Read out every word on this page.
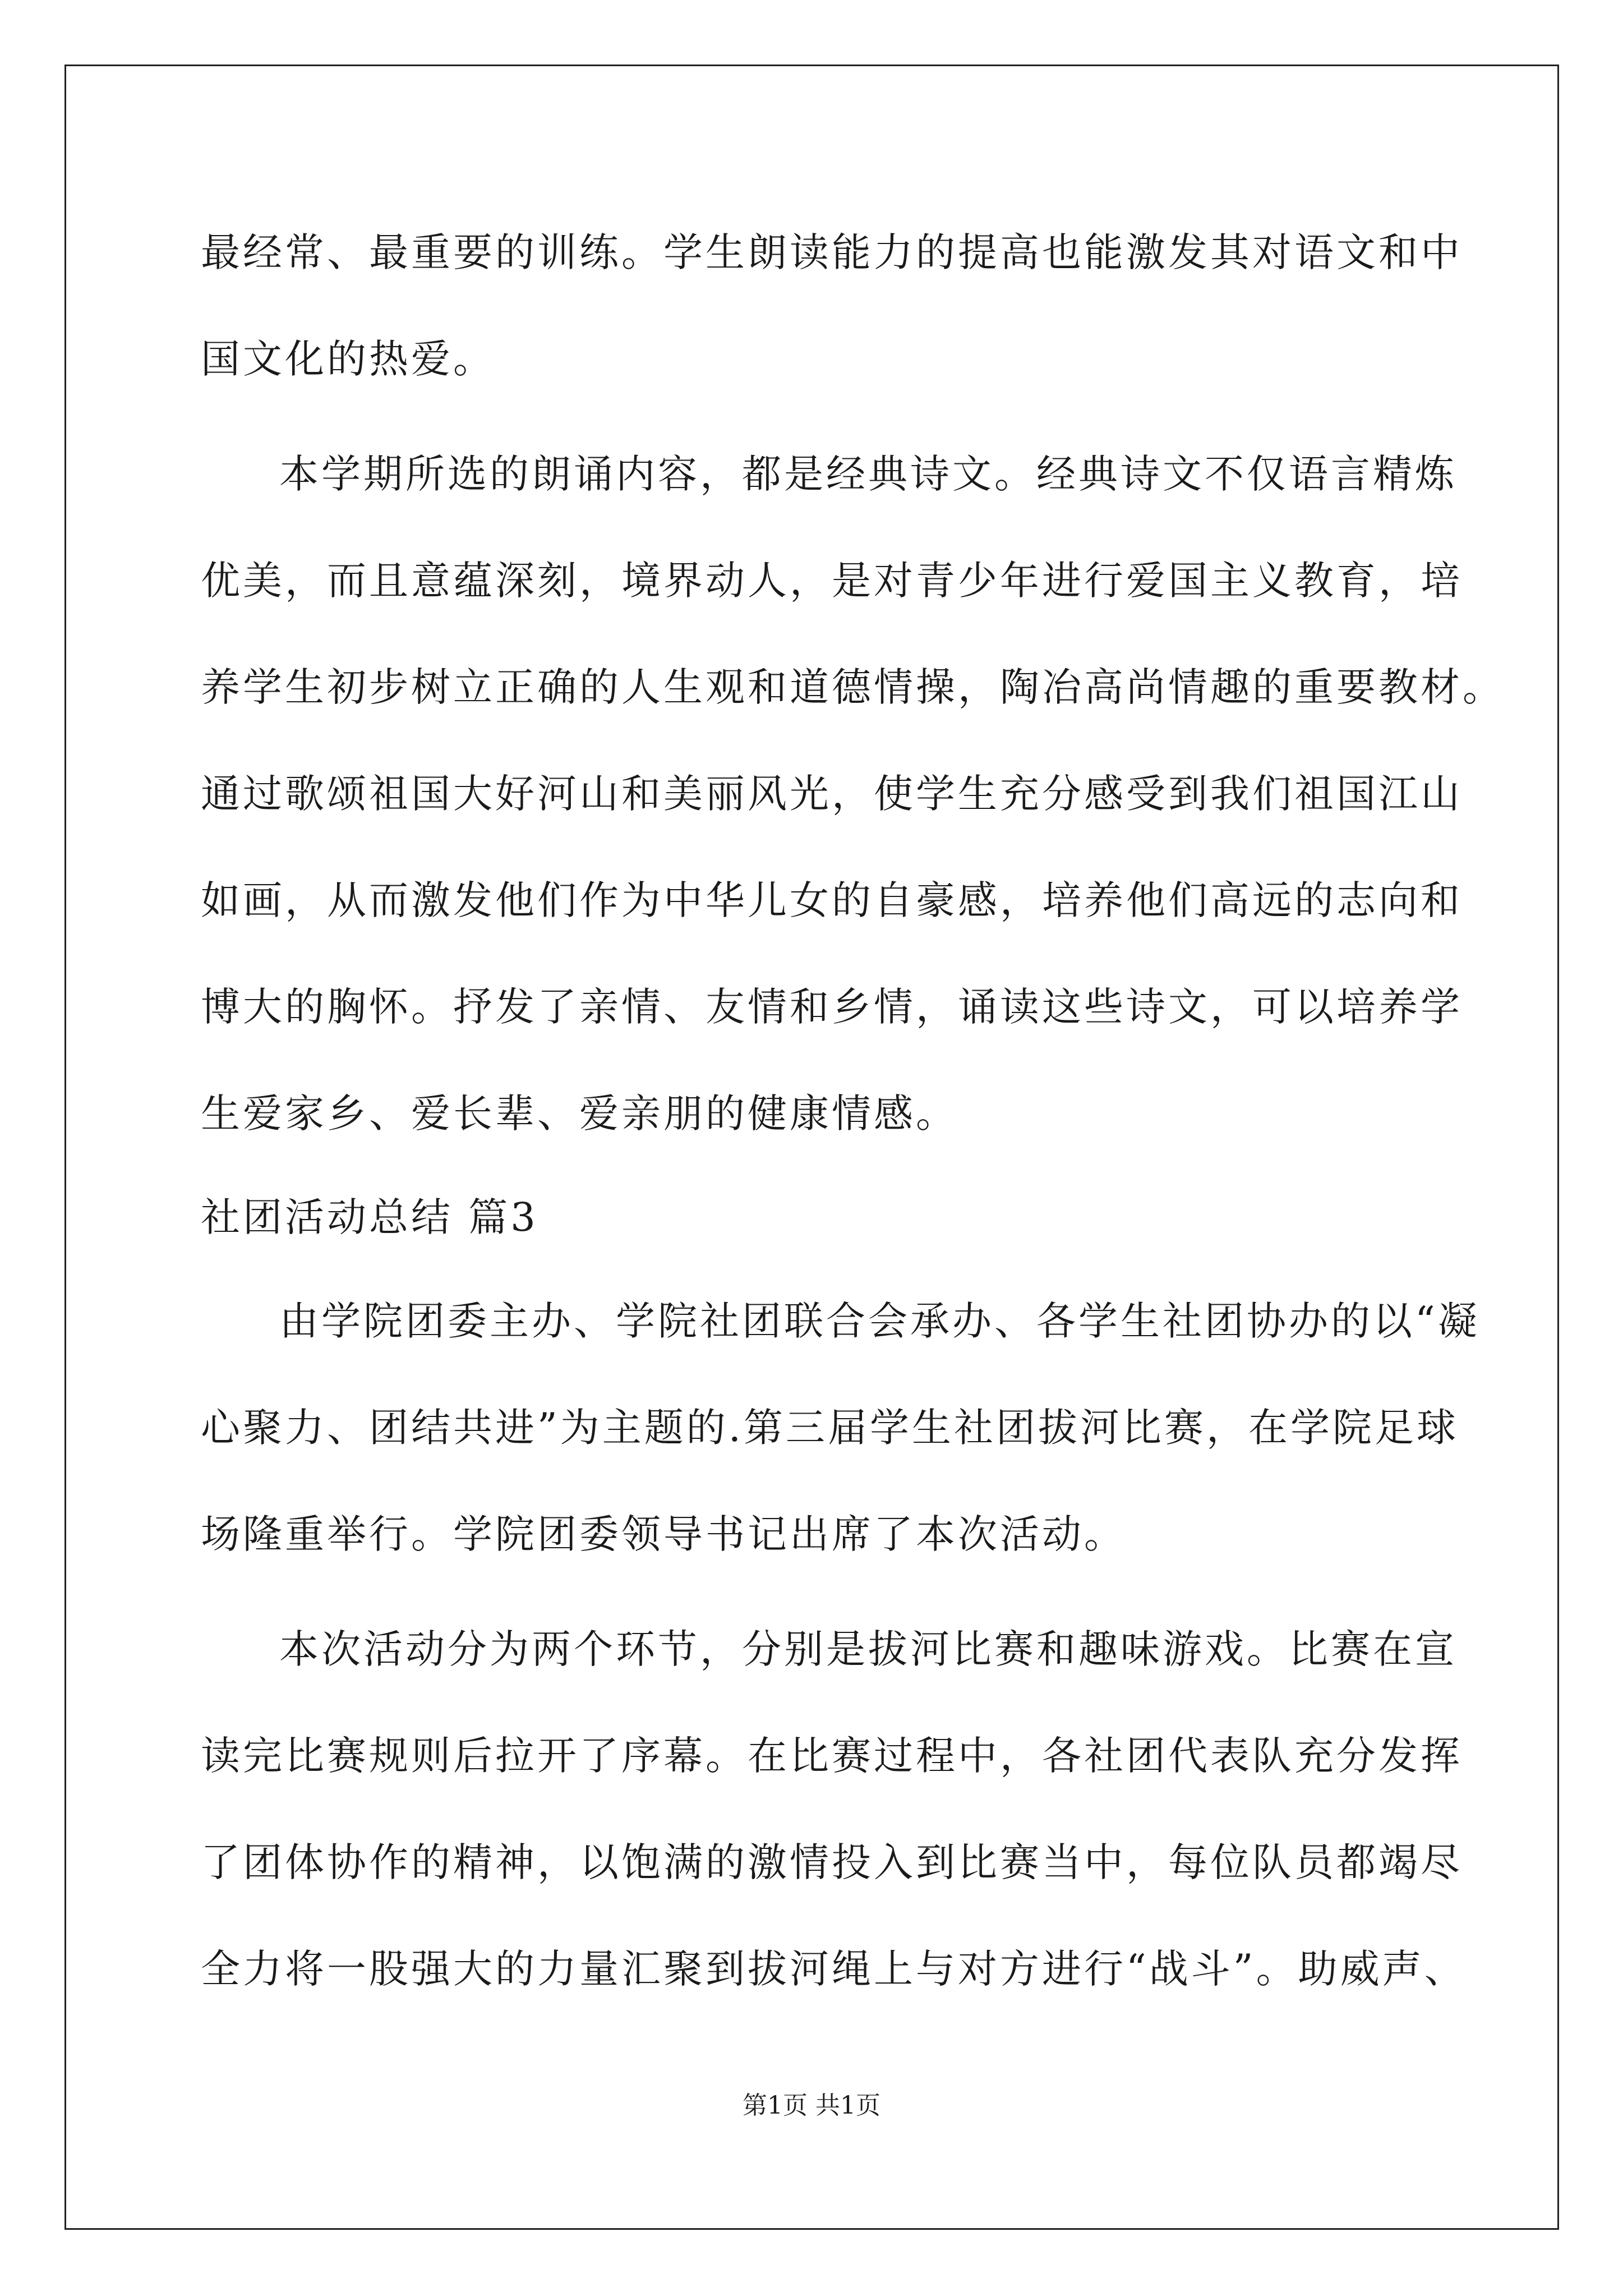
最经常、最重要的训练。学生朗读能力的提高也能激发其对语文和中
国文化的热爱。
本学期所选的朗诵内容，都是经典诗文。经典诗文不仅语言精炼
优美，而且意蕴深刻，境界动人，是对青少年进行爱国主义教育，培
养学生初步树立正确的人生观和道德情操，陶冶高尚情趣的重要教材。
通过歌颂祖国大好河山和美丽风光，使学生充分感受到我们祖国江山
如画，从而激发他们作为中华儿女的自豪感，培养他们高远的志向和
博大的胸怀。抒发了亲情、友情和乡情，诵读这些诗文，可以培养学
生爱家乡、爱长辈、爱亲朋的健康情感。
社团活动总结 篇3
由学院团委主办、学院社团联合会承办、各学生社团协办的以“凝
心聚力、团结共进”为主题的.第三届学生社团拔河比赛，在学院足球
场隆重举行。学院团委领导书记出席了本次活动。
本次活动分为两个环节，分别是拔河比赛和趣味游戏。比赛在宣
读完比赛规则后拉开了序幕。在比赛过程中，各社团代表队充分发挥
了团体协作的精神，以饱满的激情投入到比赛当中，每位队员都竭尽
全力将一股强大的力量汇聚到拔河绳上与对方进行“战斗”。助威声、
第1页 共1页
